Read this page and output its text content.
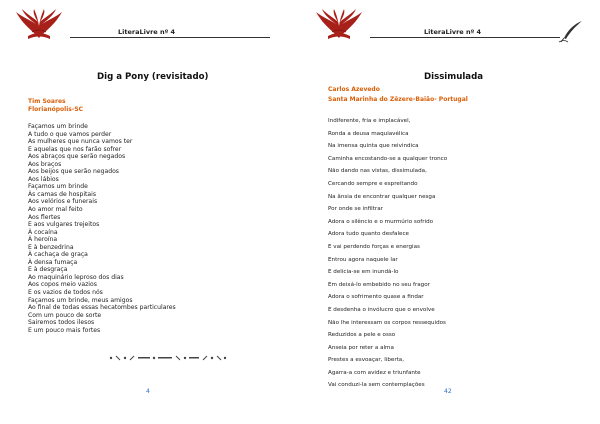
LiteraLivre nº 4
Dig a Pony (revisitado)
Tim Soares
Florianópolis-SC
Façamos um brinde
A tudo o que vamos perder
As mulheres que nunca vamos ter
E aquelas que nos farão sofrer
Aos abraços que serão negados
Aos braços
Aos beijos que serão negados
Aos lábios
Façamos um brinde
Às camas de hospitais
Aos velórios e funerais
Ao amor mal feito
Aos flertes
E aos vulgares trejeitos
À cocaína
À heroína
E à benzedrina
À cachaça de graça
À densa fumaça
E à desgraça
Ao maquinário leproso dos dias
Aos copos meio vazios
E os vazios de todos nós
Façamos um brinde, meus amigos
Ao final de todas essas hecatombes particulares
Com um pouco de sorte
Sairemos todos ilesos
E um pouco mais fortes
4
LiteraLivre nº 4
Dissimulada
Carlos Azevedo
Santa Marinha do Zêzere-Baião- Portugal
Indiferente, fria e implacável,
Ronda a deusa maquiavélica
Na imensa quinta que reivindica
Caminha encostando-se a qualquer tronco
Não dando nas vistas, dissimulada,
Cercando sempre e espreitando
Na ânsia de encontrar qualquer nesga
Por onde se infiltrar
Adora o silêncio e o murmúrio sofrido
Adora tudo quanto desfalece
E vai perdendo forças e energias
Entrou agora naquele lar
E delicia-se em inundá-lo
Em deixá-lo embebido no seu fragor
Adora o sofrimento quase a findar
E desdenha o invólucro que o envolve
Não lhe interessam os corpos ressequidos
Reduzidos a pele e osso
Anseia por reter a alma
Prestes a esvoaçar, liberta,
Agarra-a com avidez e triunfante
Vai conduzi-la sem contemplações
42
